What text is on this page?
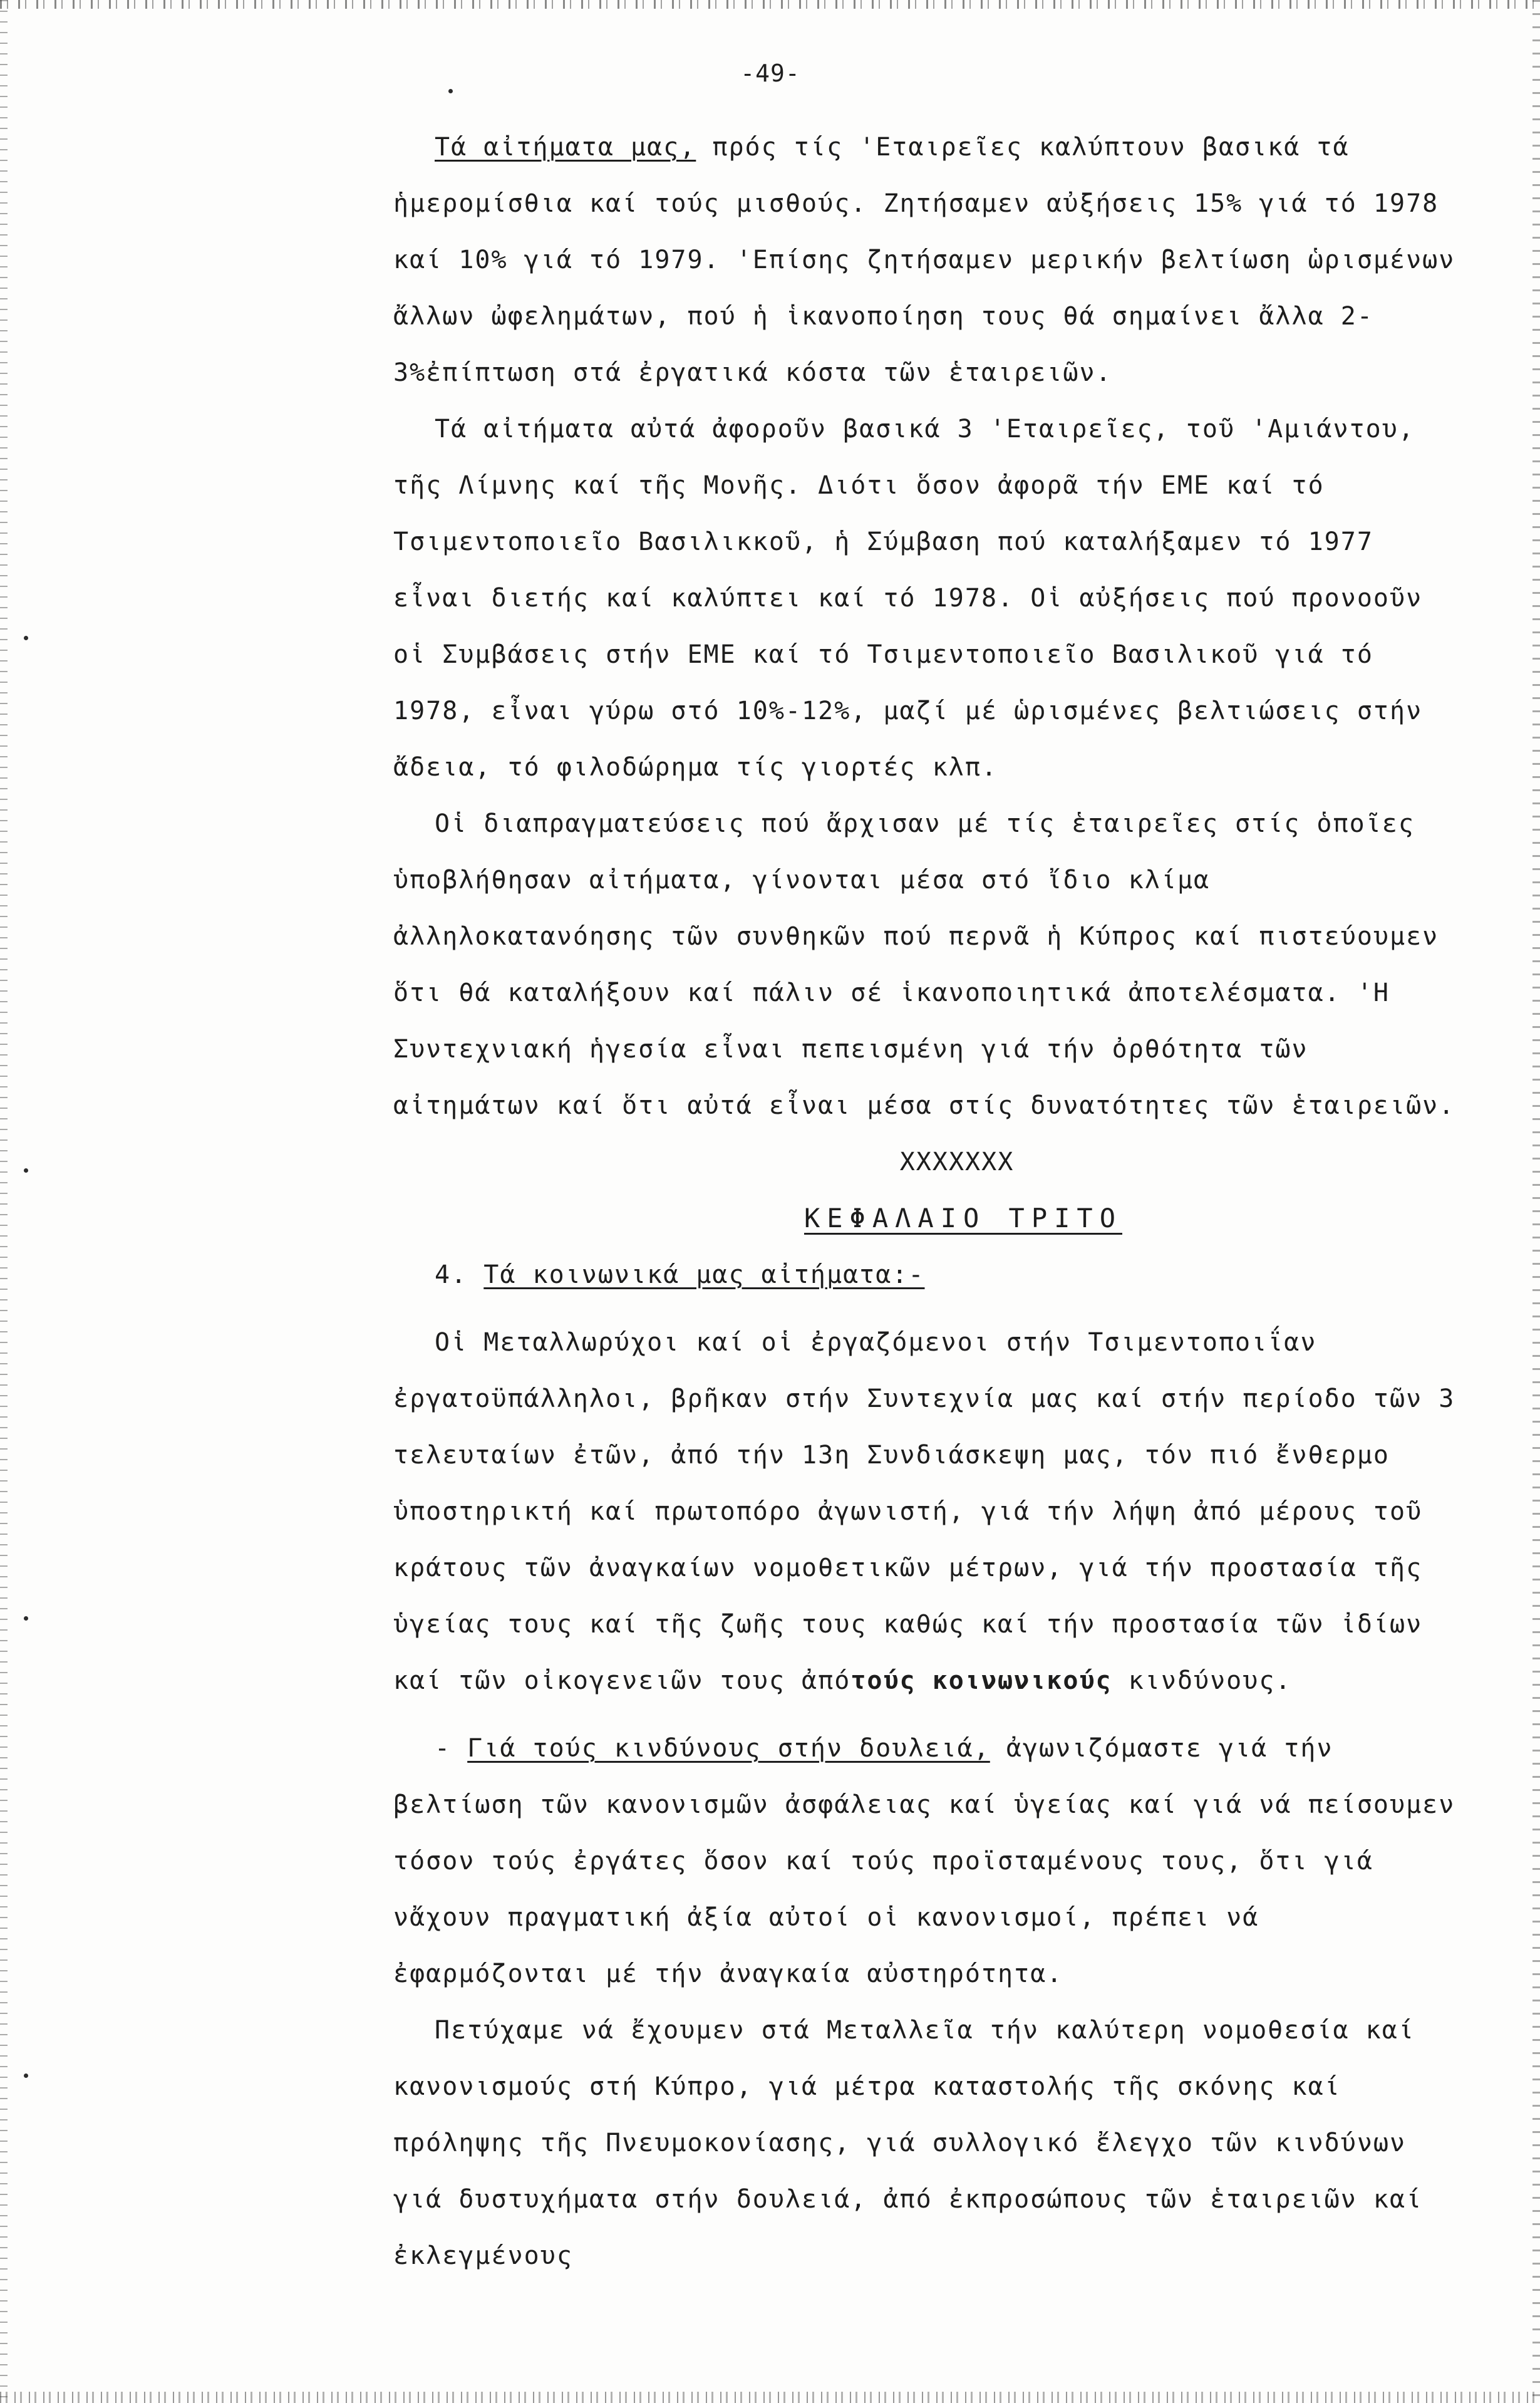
-49-

Τά αἰτήματα μας, πρός τίς 'Εταιρεῖες καλύπτουν βασικά τά ἡμερομίσθια καί τούς μισθούς. Ζητήσαμεν αὐξήσεις 15% γιά τό 1978 καί 10% γιά τό 1979. 'Επίσης ζητήσαμεν μερικήν βελτίωση ὡρισμένων ἄλλων ὠφελημάτων, πού ἡ ἱκανοποίηση τους θά σημαίνει ἄλλα 2-3%ἐπίπτωση στά ἐργατικά κόστα τῶν ἑταιρειῶν.

Τά αἰτήματα αὐτά ἀφοροῦν βασικά 3 'Εταιρεῖες, τοῦ 'Αμιάντου, τῆς Λίμνης καί τῆς Μονῆς. Διότι ὅσον ἀφορᾶ τήν ΕΜΕ καί τό Τσιμεντοποιεῖο Βασιλικκοῦ, ἡ Σύμβαση πού καταλήξαμεν τό 1977 εἶναι διετής καί καλύπτει καί τό 1978. Οἱ αὐξήσεις πού προνοοῦν οἱ Συμβάσεις στήν ΕΜΕ καί τό Τσιμεντοποιεῖο Βασιλικοῦ γιά τό 1978, εἶναι γύρω στό 10%-12%, μαζί μέ ὡρισμένες βελτιώσεις στήν ἄδεια, τό φιλοδώρημα τίς γιορτές κλπ.

Οἱ διαπραγματεύσεις πού ἄρχισαν μέ τίς ἑταιρεῖες στίς ὁποῖες ὑποβλήθησαν αἰτήματα, γίνονται μέσα στό ἴδιο κλίμα ἀλληλοκατανόησης τῶν συνθηκῶν πού περνᾶ ἡ Κύπρος καί πιστεύουμεν ὅτι θά καταλήξουν καί πάλιν σέ ἱκανοποιητικά ἀποτελέσματα. 'Η Συντεχνιακή ἡγεσία εἶναι πεπεισμένη γιά τήν ὀρθότητα τῶν αἰτημάτων καί ὅτι αὐτά εἶναι μέσα στίς δυνατότητες τῶν ἑταιρειῶν.

XXXXXXX

ΚΕΦΑΛΑΙΟ ΤΡΙΤΟ

4. Τά κοινωνικά μας αἰτήματα:-

Οἱ Μεταλλωρύχοι καί οἱ ἐργαζόμενοι στήν Τσιμεντοποιΐαν ἐργατοϋπάλληλοι, βρῆκαν στήν Συντεχνία μας καί στήν περίοδο τῶν 3 τελευταίων ἐτῶν, ἀπό τήν 13η Συνδιάσκεψη μας, τόν πιό ἔνθερμο ὑποστηρικτή καί πρωτοπόρο ἀγωνιστή, γιά τήν λήψη ἀπό μέρους τοῦ κράτους τῶν ἀναγκαίων νομοθετικῶν μέτρων, γιά τήν προστασία τῆς ὑγείας τους καί τῆς ζωῆς τους καθώς καί τήν προστασία τῶν ἰδίων καί τῶν οἰκογενειῶν τους ἀπότούς κοινωνικούς κινδύνους.

- Γιά τούς κινδύνους στήν δουλειά, ἀγωνιζόμαστε γιά τήν βελτίωση τῶν κανονισμῶν ἀσφάλειας καί ὑγείας καί γιά νά πείσουμεν τόσον τούς ἐργάτες ὅσον καί τούς προϊσταμένους τους, ὅτι γιά νἄχουν πραγματική ἀξία αὐτοί οἱ κανονισμοί, πρέπει νά ἐφαρμόζονται μέ τήν ἀναγκαία αὐστηρότητα.

Πετύχαμε νά ἔχουμεν στά Μεταλλεῖα τήν καλύτερη νομοθεσία καί κανονισμούς στή Κύπρο, γιά μέτρα καταστολής τῆς σκόνης καί πρόληψης τῆς Πνευμοκονίασης, γιά συλλογικό ἔλεγχο τῶν κινδύνων γιά δυστυχήματα στήν δουλειά, ἀπό ἐκπροσώπους τῶν ἑταιρειῶν καί ἐκλεγμένους
